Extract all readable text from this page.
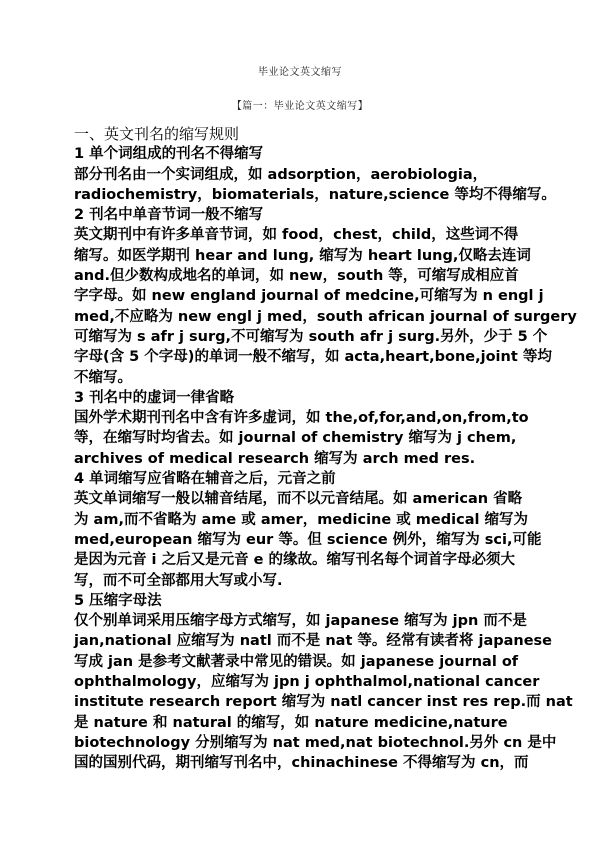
毕业论文英文缩写
【篇一：毕业论文英文缩写】

一、英文刊名的缩写规则

1 单个词组成的刊名不得缩写

部分刊名由一个实词组成，如 adsorption，aerobiologia，

radiochemistry，biomaterials，nature,science 等均不得缩写。

2 刊名中单音节词一般不缩写

英文期刊中有许多单音节词，如 food，chest，child，这些词不得

缩写。如医学期刊 hear and lung, 缩写为 heart lung,仅略去连词

and.但少数构成地名的单词，如 new，south 等，可缩写成相应首

字字母。如 new england journal of medcine,可缩写为 n engl j

med,不应略为 new engl j med，south african journal of surgery

可缩写为 s afr j surg,不可缩写为 south afr j surg.另外，少于 5 个

字母(含 5 个字母)的单词一般不缩写，如 acta,heart,bone,joint 等均

不缩写。

3 刊名中的虚词一律省略

国外学术期刊刊名中含有许多虚词，如 the,of,for,and,on,from,to

等，在缩写时均省去。如 journal of chemistry 缩写为 j chem,

archives of medical research 缩写为 arch med res.

4 单词缩写应省略在辅音之后，元音之前

英文单词缩写一般以辅音结尾，而不以元音结尾。如 american 省略

为 am,而不省略为 ame 或 amer，medicine 或 medical 缩写为

med,european 缩写为 eur 等。但 science 例外，缩写为 sci,可能

是因为元音 i 之后又是元音 e 的缘故。缩写刊名每个词首字母必须大

写，而不可全部都用大写或小写.

5 压缩字母法

仅个别单词采用压缩字母方式缩写，如 japanese 缩写为 jpn 而不是

jan,national 应缩写为 natl 而不是 nat 等。经常有读者将 japanese

写成 jan 是参考文献著录中常见的错误。如 japanese journal of

ophthalmology，应缩写为 jpn j ophthalmol,national cancer

institute research report 缩写为 natl cancer inst res rep.而 nat

是 nature 和 natural 的缩写，如 nature medicine,nature

biotechnology 分别缩写为 nat med,nat biotechnol.另外 cn 是中

国的国别代码，期刊缩写刊名中，chinachinese 不得缩写为 cn，而
